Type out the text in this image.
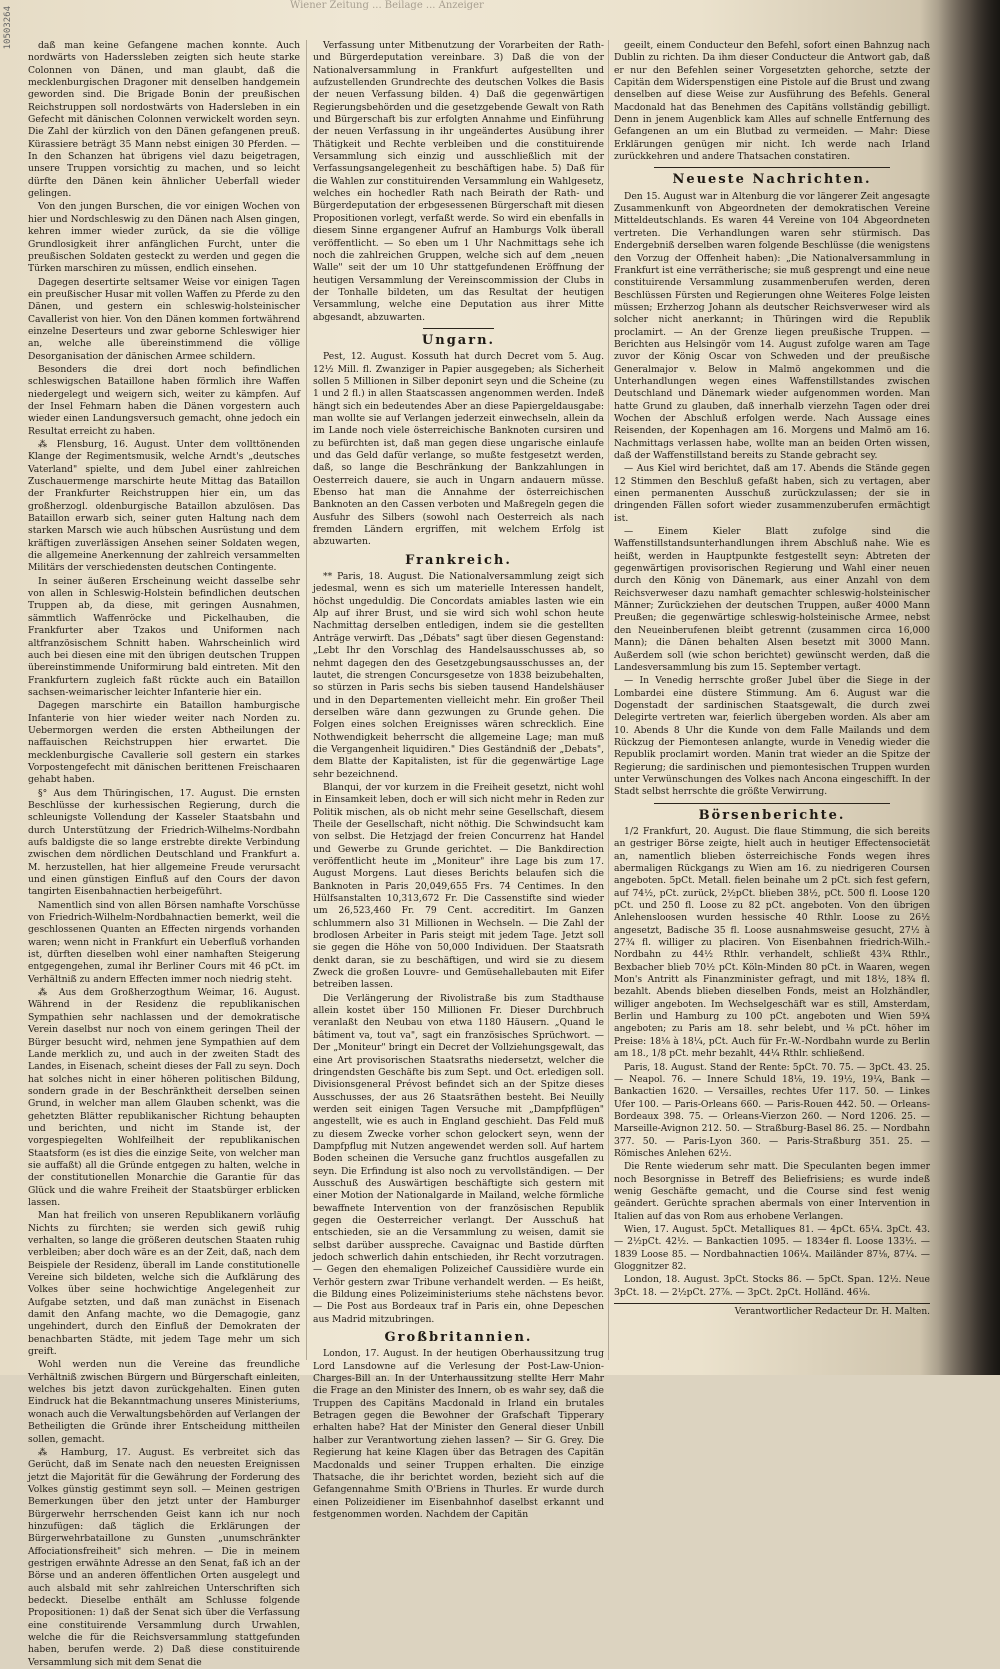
10503264
Wiener Zeitung ... Beilage ... Anzeiger

daß man keine Gefangene machen konnte. Auch nordwärts von Haderssleben zeigten sich heute starke Colonnen von Dänen, und man glaubt, daß die mecklenburgischen Dragoner mit denselben handgemein geworden sind. Die Brigade Bonin der preußischen Reichstruppen soll nordostwärts von Hadersleben in ein Gefecht mit dänischen Colonnen verwickelt worden seyn. Die Zahl der kürzlich von den Dänen gefangenen preuß. Kürassiere beträgt 35 Mann nebst einigen 30 Pferden. — In den Schanzen hat übrigens viel dazu beigetragen, unsere Truppen vorsichtig zu machen, und so leicht dürfte den Dänen kein ähnlicher Ueberfall wieder gelingen.

Von den jungen Burschen, die vor einigen Wochen von hier und Nordschleswig zu den Dänen nach Alsen gingen, kehren immer wieder zurück, da sie die völlige Grundlosigkeit ihrer anfänglichen Furcht, unter die preußischen Soldaten gesteckt zu werden und gegen die Türken marschiren zu müssen, endlich einsehen.

Dagegen desertirte seltsamer Weise vor einigen Tagen ein preußischer Husar mit vollen Waffen zu Pferde zu den Dänen, und gestern ein schleswig-holsteinischer Cavallerist von hier. Von den Dänen kommen fortwährend einzelne Deserteurs und zwar geborne Schleswiger hier an, welche alle übereinstimmend die völlige Desorganisation der dänischen Armee schildern.

Besonders die drei dort noch befindlichen schleswigschen Bataillone haben förmlich ihre Waffen niedergelegt und weigern sich, weiter zu kämpfen. Auf der Insel Fehmarn haben die Dänen vorgestern auch wieder einen Landungsversuch gemacht, ohne jedoch ein Resultat erreicht zu haben.

⁂ Flensburg, 16. August. Unter dem vollttönenden Klange der Regimentsmusik, welche Arndt's „deutsches Vaterland" spielte, und dem Jubel einer zahlreichen Zuschauermenge marschirte heute Mittag das Bataillon der Frankfurter Reichstruppen hier ein, um das großherzogl. oldenburgische Bataillon abzulösen. Das Bataillon erwarb sich, seiner guten Haltung nach dem starken Marsch wie auch hübschen Ausrüstung und dem kräftigen zuverlässigen Ansehen seiner Soldaten wegen, die allgemeine Anerkennung der zahlreich versammelten Militärs der verschiedensten deutschen Contingente.

In seiner äußeren Erscheinung weicht dasselbe sehr von allen in Schleswig-Holstein befindlichen deutschen Truppen ab, da diese, mit geringen Ausnahmen, sämmtlich Waffenröcke und Pickelhauben, die Frankfurter aber Tzakos und Uniformen nach altfranzösischem Schnitt haben. Wahrscheinlich wird auch bei diesen eine mit den übrigen deutschen Truppen übereinstimmende Uniformirung bald eintreten. Mit den Frankfurtern zugleich faßt rückte auch ein Bataillon sachsen-weimarischer leichter Infanterie hier ein.

Dagegen marschirte ein Bataillon hamburgische Infanterie von hier wieder weiter nach Norden zu. Uebermorgen werden die ersten Abtheilungen der naffauischen Reichstruppen hier erwartet. Die mecklenburgische Cavallerie soll gestern ein starkes Vorpostengefecht mit dänischen berittenen Freischaaren gehabt haben.

§° Aus dem Thüringischen, 17. August. Die ernsten Beschlüsse der kurhessischen Regierung, durch die schleunigste Vollendung der Kasseler Staatsbahn und durch Unterstützung der Friedrich-Wilhelms-Nordbahn aufs baldigste die so lange erstrebte direkte Verbindung zwischen dem nördlichen Deutschland und Frankfurt a. M. herzustellen, hat hier allgemeine Freude verursacht und einen günstigen Einfluß auf den Cours der davon tangirten Eisenbahnactien herbeigeführt.

Namentlich sind von allen Börsen namhafte Vorschüsse von Friedrich-Wilhelm-Nordbahnactien bemerkt, weil die geschlossenen Quanten an Effecten nirgends vorhanden waren; wenn nicht in Frankfurt ein Ueberfluß vorhanden ist, dürften dieselben wohl einer namhaften Steigerung entgegengehen, zumal ihr Berliner Cours mit 46 pCt. im Verhältniß zu andern Effecten immer noch niedrig steht.

⁂ Aus dem Großherzogthum Weimar, 16. August. Während in der Residenz die republikanischen Sympathien sehr nachlassen und der demokratische Verein daselbst nur noch von einem geringen Theil der Bürger besucht wird, nehmen jene Sympathien auf dem Lande merklich zu, und auch in der zweiten Stadt des Landes, in Eisenach, scheint dieses der Fall zu seyn. Doch hat solches nicht in einer höheren politischen Bildung, sondern grade in der Beschränktheit derselben seinen Grund, in welcher man allem Glauben schenkt, was die gehetzten Blätter republikanischer Richtung behaupten und berichten, und nicht im Stande ist, der vorgespiegelten Wohlfeilheit der republikanischen Staatsform (es ist dies die einzige Seite, von welcher man sie auffaßt) all die Gründe entgegen zu halten, welche in der constitutionellen Monarchie die Garantie für das Glück und die wahre Freiheit der Staatsbürger erblicken lassen.

Man hat freilich von unseren Republikanern vorläufig Nichts zu fürchten; sie werden sich gewiß ruhig verhalten, so lange die größeren deutschen Staaten ruhig verbleiben; aber doch wäre es an der Zeit, daß, nach dem Beispiele der Residenz, überall im Lande constitutionelle Vereine sich bildeten, welche sich die Aufklärung des Volkes über seine hochwichtige Angelegenheit zur Aufgabe setzten, und daß man zunächst in Eisenach damit den Anfang machte, wo die Demagogie, ganz ungehindert, durch den Einfluß der Demokraten der benachbarten Städte, mit jedem Tage mehr um sich greift.

Wohl werden nun die Vereine das freundliche Verhältniß zwischen Bürgern und Bürgerschaft einleiten, welches bis jetzt davon zurückgehalten. Einen guten Eindruck hat die Bekanntmachung unseres Ministeriums, wonach auch die Verwaltungsbehörden auf Verlangen der Betheiligten die Gründe ihrer Entscheidung mittheilen sollen, gemacht.

⁂ Hamburg, 17. August. Es verbreitet sich das Gerücht, daß im Senate nach den neuesten Ereignissen jetzt die Majorität für die Gewährung der Forderung des Volkes günstig gestimmt seyn soll. — Meinen gestrigen Bemerkungen über den jetzt unter der Hamburger Bürgerwehr herrschenden Geist kann ich nur noch hinzufügen: daß täglich die Erklärungen der Bürgerwehrbataillone zu Gunsten „unumschränkter Affociationsfreiheit" sich mehren. — Die in meinem gestrigen erwähnte Adresse an den Senat, faß ich an der Börse und an anderen öffentlichen Orten ausgelegt und auch alsbald mit sehr zahlreichen Unterschriften sich bedeckt. Dieselbe enthält am Schlusse folgende Propositionen: 1) daß der Senat sich über die Verfassung eine constituirende Versammlung durch Urwahlen, welche die für die Reichsversammlung stattgefunden haben, berufen werde. 2) Daß diese constituirende Versammlung sich mit dem Senat die

Verfassung unter Mitbenutzung der Vorarbeiten der Rath- und Bürgerdeputation vereinbare. 3) Daß die von der Nationalversammlung in Frankfurt aufgestellten und aufzustellenden Grundrechte des deutschen Volkes die Basis der neuen Verfassung bilden. 4) Daß die gegenwärtigen Regierungsbehörden und die gesetzgebende Gewalt von Rath und Bürgerschaft bis zur erfolgten Annahme und Einführung der neuen Verfassung in ihr ungeändertes Ausübung ihrer Thätigkeit und Rechte verbleiben und die constituirende Versammlung sich einzig und ausschließlich mit der Verfassungsangelegenheit zu beschäftigen habe. 5) Daß für die Wahlen zur constituirenden Versammlung ein Wahlgesetz, welches ein hochedler Rath nach Beirath der Rath- und Bürgerdeputation der erbgesessenen Bürgerschaft mit diesen Propositionen vorlegt, verfaßt werde. So wird ein ebenfalls in diesem Sinne ergangener Aufruf an Hamburgs Volk überall veröffentlicht. — So eben um 1 Uhr Nachmittags sehe ich noch die zahlreichen Gruppen, welche sich auf dem „neuen Walle" seit der um 10 Uhr stattgefundenen Eröffnung der heutigen Versammlung der Vereinscommission der Clubs in der Tonhalle bildeten, um das Resultat der heutigen Versammlung, welche eine Deputation aus ihrer Mitte abgesandt, abzuwarten.

Ungarn.

Pest, 12. August. Kossuth hat durch Decret vom 5. Aug. 12½ Mill. fl. Zwanziger in Papier ausgegeben; als Sicherheit sollen 5 Millionen in Silber deponirt seyn und die Scheine (zu 1 und 2 fl.) in allen Staatscassen angenommen werden. Indeß hängt sich ein bedeutendes Aber an diese Papiergeldausgabe: man wollte sie auf Verlangen jederzeit einwechseln, allein da im Lande noch viele österreichische Banknoten cursiren und zu befürchten ist, daß man gegen diese ungarische einlaufe und das Geld dafür verlange, so mußte festgesetzt werden, daß, so lange die Beschränkung der Bankzahlungen in Oesterreich dauere, sie auch in Ungarn andauern müsse. Ebenso hat man die Annahme der österreichischen Banknoten an den Cassen verboten und Maßregeln gegen die Ausfuhr des Silbers (sowohl nach Oesterreich als nach fremden Ländern ergriffen, mit welchem Erfolg ist abzuwarten.

Frankreich.

** Paris, 18. August. Die Nationalversammlung zeigt sich jedesmal, wenn es sich um materielle Interessen handelt, höchst ungeduldig. Die Concordats amiables lasten wie ein Alp auf ihrer Brust, und sie wird sich wohl schon heute Nachmittag derselben entledigen, indem sie die gestellten Anträge verwirft. Das „Débats" sagt über diesen Gegenstand: „Lebt Ihr den Vorschlag des Handelsausschusses ab, so nehmt dagegen den des Gesetzgebungsausschusses an, der lautet, die strengen Concursgesetze von 1838 beizubehalten, so stürzen in Paris sechs bis sieben tausend Handelshäuser und in den Departementen vielleicht mehr. Ein großer Theil derselben wäre dann gezwungen zu Grunde gehen. Die Folgen eines solchen Ereignisses wären schrecklich. Eine Nothwendigkeit beherrscht die allgemeine Lage; man muß die Vergangenheit liquidiren." Dies Geständniß der „Debats", dem Blatte der Kapitalisten, ist für die gegenwärtige Lage sehr bezeichnend.

Blanqui, der vor kurzem in die Freiheit gesetzt, nicht wohl in Einsamkeit leben, doch er will sich nicht mehr in Reden zur Politik mischen, als ob nicht mehr seine Gesellschaft, diesem Theile der Gesellschaft, nicht nöthig. Die Schwindsucht kam von selbst. Die Hetzjagd der freien Concurrenz hat Handel und Gewerbe zu Grunde gerichtet. — Die Bankdirection veröffentlicht heute im „Moniteur" ihre Lage bis zum 17. August Morgens. Laut dieses Berichts belaufen sich die Banknoten in Paris 20,049,655 Frs. 74 Centimes. In den Hülfsanstalten 10,313,672 Fr. Die Cassenstifte sind wieder um 26,523,460 Fr. 79 Cent. accreditirt. Im Ganzen schlummern also 31 Millionen in Wechseln. — Die Zahl der brodlosen Arbeiter in Paris steigt mit jedem Tage. Jetzt soll sie gegen die Höhe von 50,000 Individuen. Der Staatsrath denkt daran, sie zu beschäftigen, und wird sie zu diesem Zweck die großen Louvre- und Gemüsehallebauten mit Eifer betreiben lassen.

Die Verlängerung der Rivolistraße bis zum Stadthause allein kostet über 150 Millionen Fr. Dieser Durchbruch veranlaßt den Neubau von etwa 1180 Häusern. „Quand le bâtiment va, tout va", sagt ein französisches Sprüchwort. — Der „Moniteur" bringt ein Decret der Vollziehungsgewalt, das eine Art provisorischen Staatsraths niedersetzt, welcher die dringendsten Geschäfte bis zum Sept. und Oct. erledigen soll. Divisionsgeneral Prévost befindet sich an der Spitze dieses Ausschusses, der aus 26 Staatsräthen besteht. Bei Neuilly werden seit einigen Tagen Versuche mit „Dampfpflügen" angestellt, wie es auch in England geschieht. Das Feld muß zu diesem Zwecke vorher schon gelockert seyn, wenn der Dampfpflug mit Nutzen angewendet werden soll. Auf hartem Boden scheinen die Versuche ganz fruchtlos ausgefallen zu seyn. Die Erfindung ist also noch zu vervollständigen. — Der Ausschuß des Auswärtigen beschäftigte sich gestern mit einer Motion der Nationalgarde in Mailand, welche förmliche bewaffnete Intervention von der französischen Republik gegen die Oesterreicher verlangt. Der Ausschuß hat entschieden, sie an die Versammlung zu weisen, damit sie selbst darüber ausspreche. Cavaignac und Bastide dürften jedoch schwerlich dahin entschieden, ihr Recht vorzutragen. — Gegen den ehemaligen Polizeichef Caussidière wurde ein Verhör gestern zwar Tribune verhandelt werden. — Es heißt, die Bildung eines Polizeiministeriums stehe nächstens bevor. — Die Post aus Bordeaux traf in Paris ein, ohne Depeschen aus Madrid mitzubringen.

Großbritannien.

London, 17. August. In der heutigen Oberhaussitzung trug Lord Lansdowne auf die Verlesung der Post-Law-Union-Charges-Bill an. In der Unterhaussitzung stellte Herr Mahr die Frage an den Minister des Innern, ob es wahr sey, daß die Truppen des Capitäns Macdonald in Irland ein brutales Betragen gegen die Bewohner der Grafschaft Tipperary erhalten habe? Hat der Minister den General dieser Unbill halber zur Verantwortung ziehen lassen? — Sir G. Grey. Die Regierung hat keine Klagen über das Betragen des Capitän Macdonalds und seiner Truppen erhalten. Die einzige Thatsache, die ihr berichtet worden, bezieht sich auf die Gefangennahme Smith O'Briens in Thurles. Er wurde durch einen Polizeidiener im Eisenbahnhof daselbst erkannt und festgenommen worden. Nachdem der Capitän

geeilt, einem Conducteur den Befehl, sofort einen Bahnzug nach Dublin zu richten. Da ihm dieser Conducteur die Antwort gab, daß er nur den Befehlen seiner Vorgesetzten gehorche, setzte der Capitän dem Widerspenstigen eine Pistole auf die Brust und zwang denselben auf diese Weise zur Ausführung des Befehls. General Macdonald hat das Benehmen des Capitäns vollständig gebilligt. Denn in jenem Augenblick kam Alles auf schnelle Entfernung des Gefangenen an um ein Blutbad zu vermeiden. — Mahr: Diese Erklärungen genügen mir nicht. Ich werde nach Irland zurückkehren und andere Thatsachen constatiren.

Neueste Nachrichten.

Den 15. August war in Altenburg die vor längerer Zeit angesagte Zusammenkunft von Abgeordneten der demokratischen Vereine Mitteldeutschlands. Es waren 44 Vereine von 104 Abgeordneten vertreten. Die Verhandlungen waren sehr stürmisch. Das Endergebniß derselben waren folgende Beschlüsse (die wenigstens den Vorzug der Offenheit haben): „Die Nationalversammlung in Frankfurt ist eine verrätherische; sie muß gesprengt und eine neue constituirende Versammlung zusammenberufen werden, deren Beschlüssen Fürsten und Regierungen ohne Weiteres Folge leisten müssen; Erzherzog Johann als deutscher Reichsverweser wird als solcher nicht anerkannt; in Thüringen wird die Republik proclamirt. — An der Grenze liegen preußische Truppen. — Berichten aus Helsingör vom 14. August zufolge waren am Tage zuvor der König Oscar von Schweden und der preußische Generalmajor v. Below in Malmö angekommen und die Unterhandlungen wegen eines Waffenstillstandes zwischen Deutschland und Dänemark wieder aufgenommen worden. Man hatte Grund zu glauben, daß innerhalb vierzehn Tagen oder drei Wochen der Abschluß erfolgen werde. Nach Aussage eines Reisenden, der Kopenhagen am 16. Morgens und Malmö am 16. Nachmittags verlassen habe, wollte man an beiden Orten wissen, daß der Waffenstillstand bereits zu Stande gebracht sey.

— Aus Kiel wird berichtet, daß am 17. Abends die Stände gegen 12 Stimmen den Beschluß gefaßt haben, sich zu vertagen, aber einen permanenten Ausschuß zurückzulassen; der sie in dringenden Fällen sofort wieder zusammenzuberufen ermächtigt ist.

— Einem Kieler Blatt zufolge sind die Waffenstillstandsunterhandlungen ihrem Abschluß nahe. Wie es heißt, werden in Hauptpunkte festgestellt seyn: Abtreten der gegenwärtigen provisorischen Regierung und Wahl einer neuen durch den König von Dänemark, aus einer Anzahl von dem Reichsverweser dazu namhaft gemachter schleswig-holsteinischer Männer; Zurückziehen der deutschen Truppen, außer 4000 Mann Preußen; die gegenwärtige schleswig-holsteinische Armee, nebst den Neueinberufenen bleibt getrennt (zusammen circa 16,000 Mann); die Dänen behalten Alsen besetzt mit 3000 Mann. Außerdem soll (wie schon berichtet) gewünscht werden, daß die Landesversammlung bis zum 15. September vertagt.

— In Venedig herrschte großer Jubel über die Siege in der Lombardei eine düstere Stimmung. Am 6. August war die Dogenstadt der sardinischen Staatsgewalt, die durch zwei Delegirte vertreten war, feierlich übergeben worden. Als aber am 10. Abends 8 Uhr die Kunde von dem Falle Mailands und dem Rückzug der Piemontesen anlangte, wurde in Venedig wieder die Republik proclamirt worden. Manin trat wieder an die Spitze der Regierung; die sardinischen und piemontesischen Truppen wurden unter Verwünschungen des Volkes nach Ancona eingeschifft. In der Stadt selbst herrschte die größte Verwirrung.

Börsenberichte.

1/2 Frankfurt, 20. August. Die flaue Stimmung, die sich bereits an gestriger Börse zeigte, hielt auch in heutiger Effectensocietät an, namentlich blieben österreichische Fonds wegen ihres abermaligen Rückgangs zu Wien am 16. zu niedrigeren Coursen angeboten. 5pCt. Metall. fielen beinahe um 2 pCt. sich fest gefern, auf 74½, pCt. zurück, 2½pCt. blieben 38½, pCt. 500 fl. Loose 120 pCt. und 250 fl. Loose zu 82 pCt. angeboten. Von den übrigen Anlehensloosen wurden hessische 40 Rthlr. Loose zu 26½ angesetzt, Badische 35 fl. Loose ausnahmsweise gesucht, 27½ à 27¾ fl. williger zu placiren. Von Eisenbahnen friedrich-Wilh.-Nordbahn zu 44½ Rthlr. verhandelt, schließt 43¾ Rthlr., Bexbacher blieb 70½ pCt. Köln-Minden 80 pCt. in Waaren, wegen Mon's Antritt als Finanzminister gefragt, und mit 18½, 18¾ fl. bezahlt. Abends blieben dieselben Fonds, meist an Holzhändler, williger angeboten. Im Wechselgeschäft war es still, Amsterdam, Berlin und Hamburg zu 100 pCt. angeboten und Wien 59¾ angeboten; zu Paris am 18. sehr belebt, und ⅛ pCt. höher im Preise: 18⅛ à 18¼, pCt. Auch für Fr.-W.-Nordbahn wurde zu Berlin am 18., 1/8 pCt. mehr bezahlt, 44¼ Rthlr. schließend.

Paris, 18. August. Stand der Rente: 5pCt. 70. 75. — 3pCt. 43. 25. — Neapol. 76. — Innere Schuld 18⅛, 19. 19½, 19¼, Bank — Bankactien 1620. — Versailles, rechtes Ufer 117. 50. — Linkes Ufer 100. — Paris-Orleans 660. — Paris-Rouen 442. 50. — Orleans-Bordeaux 398. 75. — Orleans-Vierzon 260. — Nord 1206. 25. — Marseille-Avignon 212. 50. — Straßburg-Basel 86. 25. — Nordbahn 377. 50. — Paris-Lyon 360. — Paris-Straßburg 351. 25. — Römisches Anlehen 62½.

Die Rente wiederum sehr matt. Die Speculanten begen immer noch Besorgnisse in Betreff des Beliefrisiens; es wurde indeß wenig Geschäfte gemacht, und die Course sind fest wenig geändert. Gerüchte sprachen abermals von einer Intervention in Italien auf das von Rom aus erhobene Verlangen.

Wien, 17. August. 5pCt. Metalliques 81. — 4pCt. 65¼. 3pCt. 43. — 2½pCt. 42½. — Bankactien 1095. — 1834er fl. Loose 133½. — 1839 Loose 85. — Nordbahnactien 106¼. Mailänder 87⅛, 87¼. — Gloggnitzer 82.

London, 18. August. 3pCt. Stocks 86. — 5pCt. Span. 12½. Neue 3pCt. 18. — 2½pCt. 27⅞. — 3pCt. 2pCt. Holländ. 46⅛.

Verantwortlicher Redacteur Dr. H. Malten.
